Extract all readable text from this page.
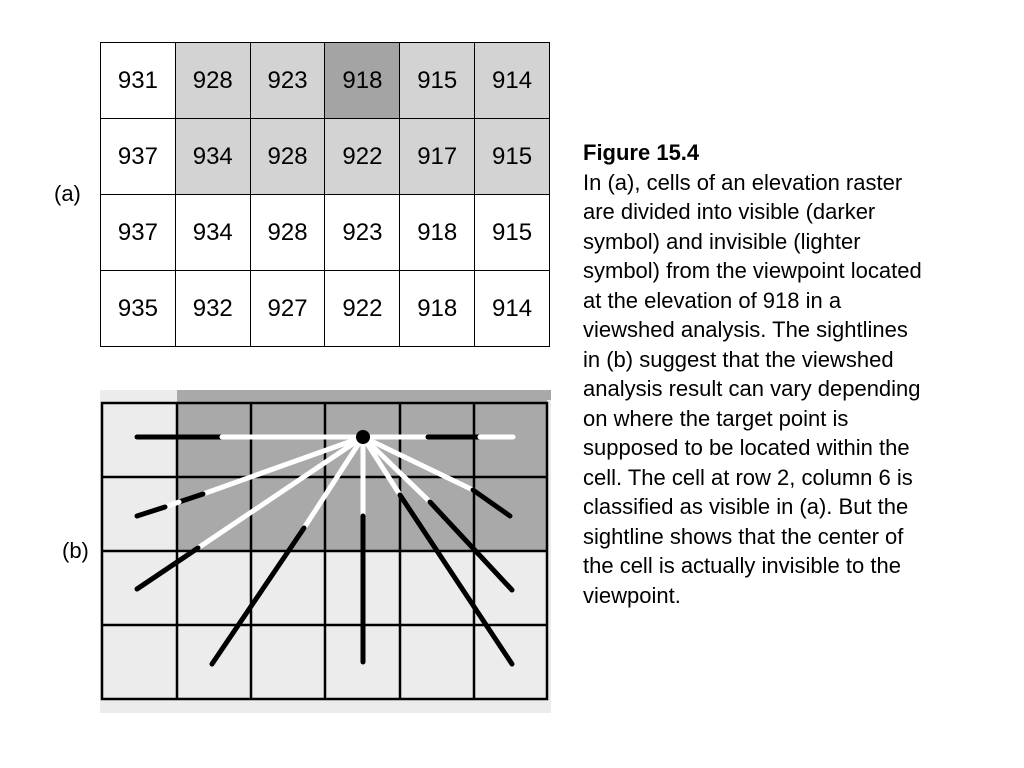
(a)
(b)
931	928	923	918	915	914
937	934	928	922	917	915
937	934	928	923	918	915
935	932	927	922	918	914
Figure 15.4
In (a), cells of an elevation raster
are divided into visible (darker
symbol) and invisible (lighter
symbol) from the viewpoint located
at the elevation of 918 in a
viewshed analysis. The sightlines
in (b) suggest that the viewshed
analysis result can vary depending
on where the target point is
supposed to be located within the
cell. The cell at row 2, column 6 is
classified as visible in (a). But the
sightline shows that the center of
the cell is actually invisible to the
viewpoint.
